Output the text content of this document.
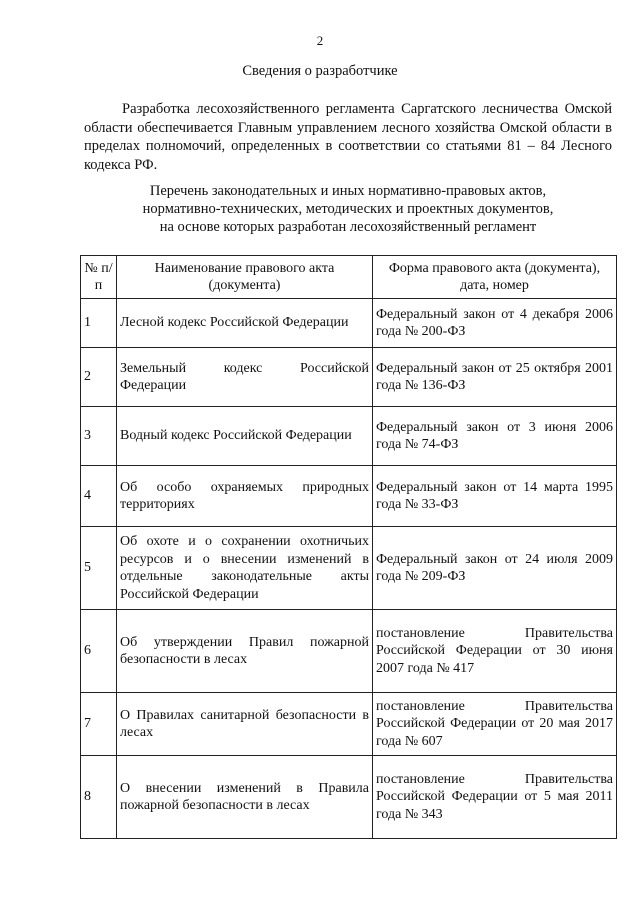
2
Сведения о разработчике

Разработка лесохозяйственного регламента Саргатского лесничества Омской области обеспечивается Главным управлением лесного хозяйства Омской области в пределах полномочий, определенных в соответствии со статьями 81 – 84 Лесного кодекса РФ.

Перечень законодательных и иных нормативно-правовых актов,
нормативно-технических, методических и проектных документов,
на основе которых разработан лесохозяйственный регламент
№ п/п	Наименование правового акта (документа)	Форма правового акта (документа), дата, номер
1	Лесной кодекс Российской Федерации	Федеральный закон от 4 декабря 2006 года № 200-ФЗ
2	Земельный кодекс Российской Федерации	Федеральный закон от 25 октября 2001 года № 136-ФЗ
3	Водный кодекс Российской Федерации	Федеральный закон от 3 июня 2006 года № 74-ФЗ
4	Об особо охраняемых природных территориях	Федеральный закон от 14 марта 1995 года № 33-ФЗ
5	Об охоте и о сохранении охотничьих ресурсов и о внесении изменений в отдельные законодательные акты Российской Федерации	Федеральный закон от 24 июля 2009 года № 209-ФЗ
6	Об утверждении Правил пожарной безопасности в лесах	постановление Правительства Российской Федерации от 30 июня 2007 года № 417
7	О Правилах санитарной безопасности в лесах	постановление Правительства Российской Федерации от 20 мая 2017 года № 607
8	О внесении изменений в Правила пожарной безопасности в лесах	постановление Правительства Российской Федерации от 5 мая 2011 года № 343
